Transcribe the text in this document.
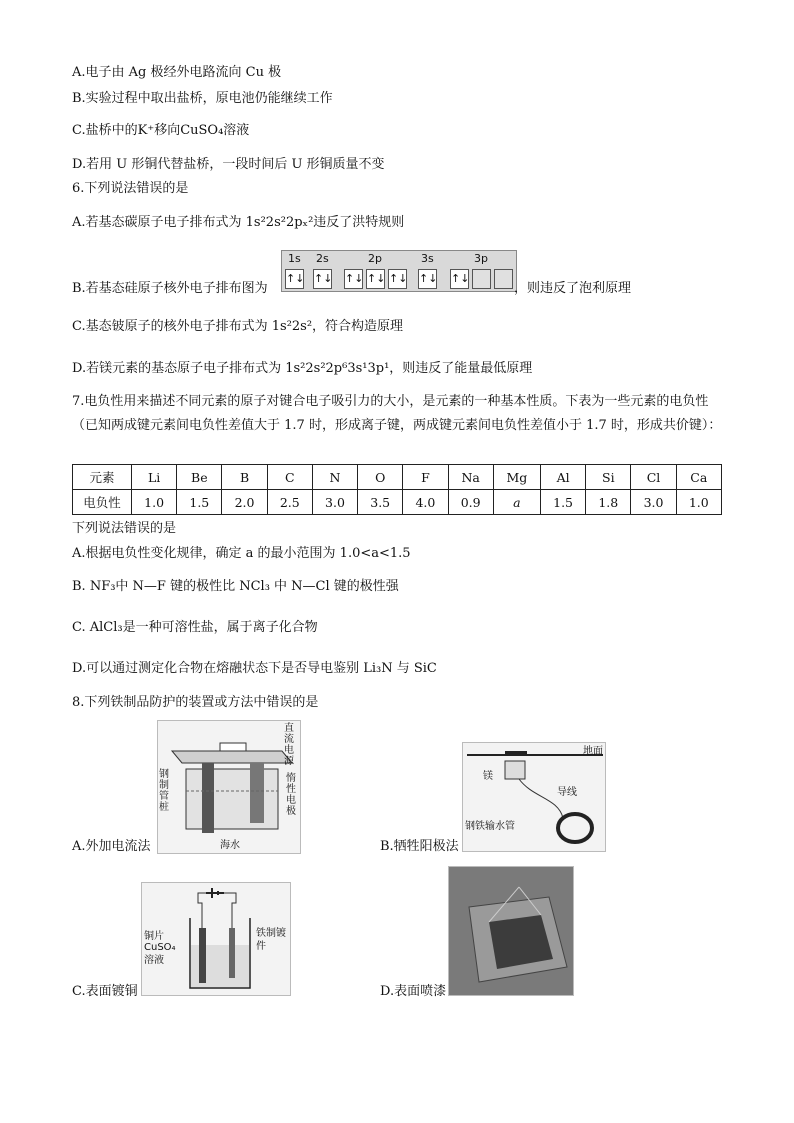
A.电子由 Ag 极经外电路流向 Cu 极
B.实验过程中取出盐桥，原电池仍能继续工作
C.盐桥中的K⁺移向CuSO₄溶液
D.若用 U 形铜代替盐桥，一段时间后 U 形铜质量不变
6.下列说法错误的是
A.若基态碳原子电子排布式为 1s²2s²2pₓ²违反了洪特规则
B.若基态硅原子核外电子排布图为
1s 2s	2p	3s	3p
↑↓ ↑↓ ↑↓ ↑↓ ↑↓ ↑↓ ↑↓
，则违反了泡利原理
C.基态铍原子的核外电子排布式为 1s²2s²，符合构造原理
D.若镁元素的基态原子电子排布式为 1s²2s²2p⁶3s¹3p¹，则违反了能量最低原理
7.电负性用来描述不同元素的原子对键合电子吸引力的大小，是元素的一种基本性质。下表为一些元素的电负性（已知两成键元素间电负性差值大于 1.7 时，形成离子键，两成键元素间电负性差值小于 1.7 时，形成共价键）：
元素	Li	Be	B	C	N	O	F	Na	Mg	Al	Si	Cl	Ca
电负性	1.0	1.5	2.0	2.5	3.0	3.5	4.0	0.9	a	1.5	1.8	3.0	1.0
下列说法错误的是
A.根据电负性变化规律，确定 a 的最小范围为 1.0<a<1.5
B. NF₃中 N—F 键的极性比 NCl₃ 中 N—Cl 键的极性强
C. AlCl₃是一种可溶性盐，属于离子化合物
D.可以通过测定化合物在熔融状态下是否导电鉴别 Li₃N 与 SiC
8.下列铁制品防护的装置或方法中错误的是
直流电源
钢制管桩
惰性电极
海水
A.外加电流法
地面
镁
导线
钢铁输水管
B.牺牲阳极法
铜片
CuSO₄溶液
铁制镀件
C.表面镀铜	D.表面喷漆
